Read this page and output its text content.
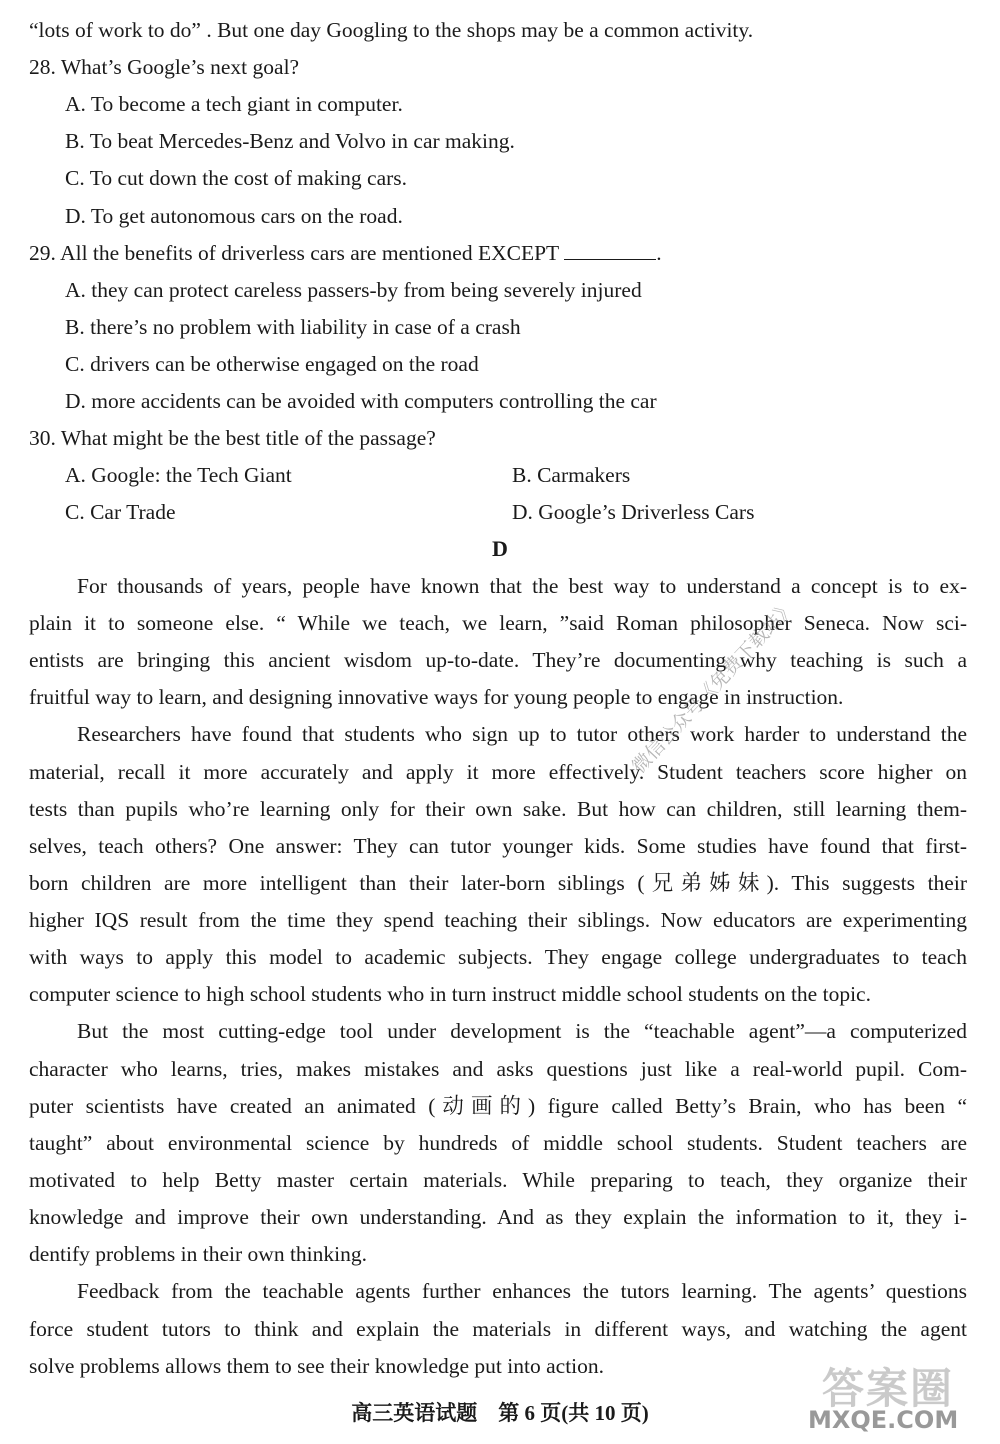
“lots of work to do” . But one day Googling to the shops may be a common activity.
28. What’s Google’s next goal?
A. To become a tech giant in computer.
B. To beat Mercedes-Benz and Volvo in car making.
C. To cut down the cost of making cars.
D. To get autonomous cars on the road.
29. All the benefits of driverless cars are mentioned EXCEPT	.
A. they can protect careless passers-by from being severely injured
B. there’s no problem with liability in case of a crash
C. drivers can be otherwise engaged on the road
D. more accidents can be avoided with computers controlling the car
30. What might be the best title of the passage?
A. Google: the Tech Giant	B. Carmakers
C. Car Trade	D. Google’s Driverless Cars
D
For thousands of years, people have known that the best way to understand a concept is to ex-
plain it to someone else. “ While we teach, we learn, ”said Roman philosopher Seneca. Now sci-
entists are bringing this ancient wisdom up-to-date. They’re documenting why teaching is such a
fruitful way to learn, and designing innovative ways for young people to engage in instruction.
Researchers have found that students who sign up to tutor others work harder to understand the
material, recall it more accurately and apply it more effectively. Student teachers score higher on
tests than pupils who’re learning only for their own sake. But how can children, still learning them-
selves, teach others? One answer: They can tutor younger kids. Some studies have found that first-
born children are more intelligent than their later-born siblings (兄弟姊妹). This suggests their
higher IQS result from the time they spend teaching their siblings. Now educators are experimenting
with ways to apply this model to academic subjects. They engage college undergraduates to teach
computer science to high school students who in turn instruct middle school students on the topic.
But the most cutting-edge tool under development is the “teachable agent”—a computerized
character who learns, tries, makes mistakes and asks questions just like a real-world pupil. Com-
puter scientists have created an animated (动画的) figure called Betty’s Brain, who has been “
taught” about environmental science by hundreds of middle school students. Student teachers are
motivated to help Betty master certain materials. While preparing to teach, they organize their
knowledge and improve their own understanding. And as they explain the information to it, they i-
dentify problems in their own thinking.
Feedback from the teachable agents further enhances the tutors learning. The agents’ questions
force student tutors to think and explain the materials in different ways, and watching the agent
solve problems allows them to see their knowledge put into action.
高三英语试题　第 6 页(共 10 页)
微信公众号《免费下载站》
答案圈
MXQE.COM
